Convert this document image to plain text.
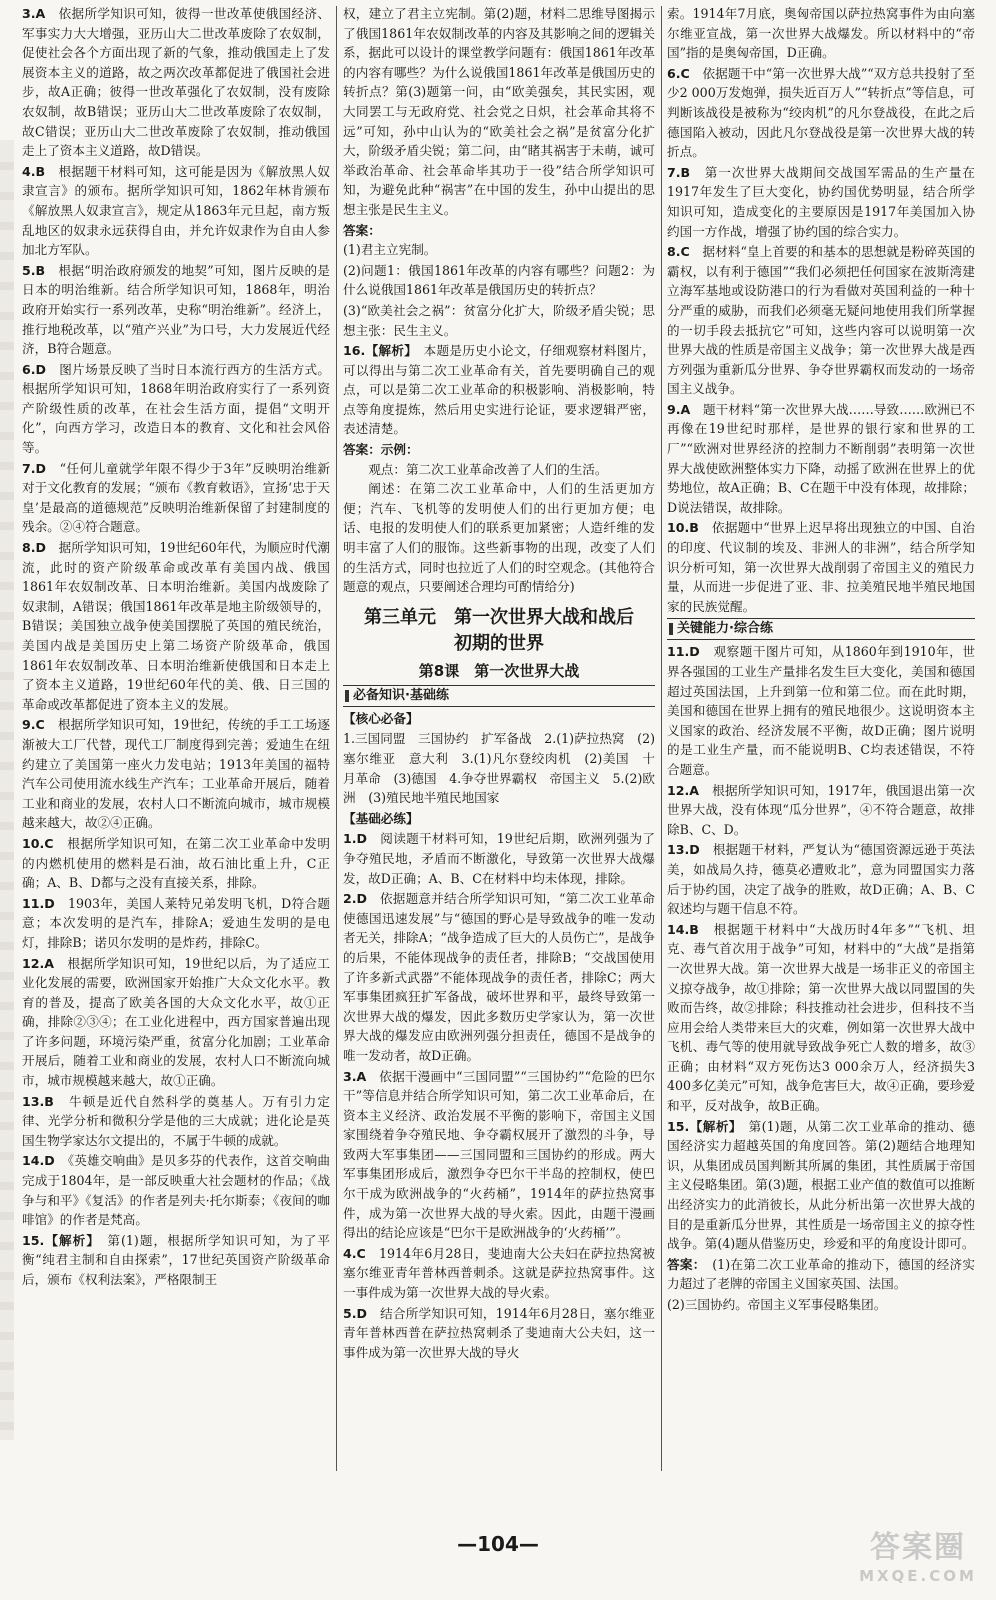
3.A　 依据所学知识可知，彼得一世改革使俄国经济、军事实力大大增强，亚历山大二世改革废除了农奴制，促使社会各个方面出现了新的气象，推动俄国走上了发展资本主义的道路，故之两次改革都促进了俄国社会进步，故A正确；彼得一世改革强化了农奴制，没有废除农奴制，故B错误；亚历山大二世改革废除了农奴制，故C错误；亚历山大二世改革废除了农奴制，推动俄国走上了资本主义道路，故D错误。
4.B　 根据题干材料可知，这可能是因为《解放黑人奴隶宣言》的颁布。据所学知识可知，1862年林肯颁布《解放黑人奴隶宣言》，规定从1863年元旦起，南方叛乱地区的奴隶永远获得自由，并允许奴隶作为自由人参加北方军队。
5.B　 根据“明治政府颁发的地契”可知，图片反映的是日本的明治维新。结合所学知识可知，1868年，明治政府开始实行一系列改革，史称“明治维新”。经济上，推行地税改革，以“殖产兴业”为口号，大力发展近代经济，B符合题意。
6.D　 图片场景反映了当时日本流行西方的生活方式。根据所学知识可知，1868年明治政府实行了一系列资产阶级性质的改革，在社会生活方面，提倡“文明开化”，向西方学习，改造日本的教育、文化和社会风俗等。
7.D　 “任何儿童就学年限不得少于3年”反映明治维新对于文化教育的发展；“颁布《教育敕语》，宣扬‘忠于天皇’是最高的道德规范”反映明治维新保留了封建制度的残余。②④符合题意。
8.D　 据所学知识可知，19世纪60年代，为顺应时代潮流，此时的资产阶级革命或改革有美国内战、俄国1861年农奴制改革、日本明治维新。美国内战废除了奴隶制，A错误；俄国1861年改革是地主阶级领导的，B错误；美国独立战争使美国摆脱了英国的殖民统治，美国内战是美国历史上第二场资产阶级革命，俄国1861年农奴制改革、日本明治维新使俄国和日本走上了资本主义道路，19世纪60年代的美、俄、日三国的革命或改革都促进了资本主义的发展。
9.C　 根据所学知识可知，19世纪，传统的手工工场逐渐被大工厂代替，现代工厂制度得到完善；爱迪生在纽约建立了美国第一座火力发电站；1913年美国的福特汽车公司使用流水线生产汽车；工业革命开展后，随着工业和商业的发展，农村人口不断流向城市，城市规模越来越大，故②④正确。
10.C　 根据所学知识可知，在第二次工业革命中发明的内燃机使用的燃料是石油，故石油比重上升，C正确；A、B、D都与之没有直接关系，排除。
11.D　 1903年，美国人莱特兄弟发明飞机，D符合题意；本次发明的是汽车，排除A；爱迪生发明的是电灯，排除B；诺贝尔发明的是炸药，排除C。
12.A　 根据所学知识可知，19世纪以后，为了适应工业化发展的需要，欧洲国家开始推广大众文化水平。教育的普及，提高了欧美各国的大众文化水平，故①正确，排除②③④；在工业化进程中，西方国家普遍出现了许多问题，环境污染严重，贫富分化加剧；工业革命开展后，随着工业和商业的发展，农村人口不断流向城市，城市规模越来越大，故①正确。
13.B　 牛顿是近代自然科学的奠基人。万有引力定律、光学分析和微积分学是他的三大成就；进化论是英国生物学家达尔文提出的，不属于牛顿的成就。
14.D　 《英雄交响曲》是贝多芬的代表作，这首交响曲完成于1804年，是一部反映重大社会题材的作品；《战争与和平》《复活》的作者是列夫·托尔斯泰；《夜间的咖啡馆》的作者是梵高。
15.【解析】　 第(1)题，根据所学知识可知，为了平衡“纯君主制和自由探索”，17世纪英国资产阶级革命后，颁布《权利法案》，严格限制王
权，建立了君主立宪制。第(2)题，材料二思维导图揭示了俄国1861年农奴制改革的内容及其影响之间的逻辑关系，据此可以设计的课堂教学问题有：俄国1861年改革的内容有哪些？为什么说俄国1861年改革是俄国历史的转折点？第(3)题第一问，由“欧美强矣，其民实困，观大同罢工与无政府党、社会党之日炽，社会革命其将不远”可知，孙中山认为的“欧美社会之祸”是贫富分化扩大，阶级矛盾尖锐；第二问，由“睹其祸害于未萌，诚可举政治革命、社会革命毕其功于一役”结合所学知识可知，为避免此种“祸害”在中国的发生，孙中山提出的思想主张是民生主义。
答案：
(1)君主立宪制。
(2)问题1：俄国1861年改革的内容有哪些？问题2：为什么说俄国1861年改革是俄国历史的转折点？
(3)“欧美社会之祸”：贫富分化扩大，阶级矛盾尖锐；思想主张：民生主义。
16.【解析】　 本题是历史小论文，仔细观察材料图片，可以得出与第二次工业革命有关，首先要明确自己的观点，可以是第二次工业革命的积极影响、消极影响，特点等角度提炼，然后用史实进行论证，要求逻辑严密，表述清楚。
答案：示例：

观点：第二次工业革命改善了人们的生活。

阐述：在第二次工业革命中，人们的生活更加方便；汽车、飞机等的发明使人们的出行更加方便；电话、电报的发明使人们的联系更加紧密；人造纤维的发明丰富了人们的服饰。这些新事物的出现，改变了人们的生活方式，同时也拉近了人们的时空观念。(其他符合题意的观点，只要阐述合理均可酌情给分)

第三单元　第一次世界大战和战后
初期的世界
第8课　第一次世界大战
必备知识·基础练
【核心必备】
1.三国同盟　三国协约　扩军备战　2.(1)萨拉热窝　(2)塞尔维亚　意大利　3.(1)凡尔登绞肉机　(2)美国　十月革命　(3)德国　4.争夺世界霸权　帝国主义　5.(2)欧洲　(3)殖民地半殖民地国家
【基础必练】
1.D　 阅读题干材料可知，19世纪后期，欧洲列强为了争夺殖民地，矛盾而不断激化，导致第一次世界大战爆发，故D正确；A、B、C在材料中均未体现，排除。
2.D　 依据题意并结合所学知识可知，“第二次工业革命使德国迅速发展”与“德国的野心是导致战争的唯一发动者无关，排除A；“战争造成了巨大的人员伤亡”，是战争的后果，不能体现战争的责任者，排除B；“交战国使用了许多新式武器”不能体现战争的责任者，排除C；两大军事集团疯狂扩军备战，破坏世界和平，最终导致第一次世界大战的爆发，因此多数历史学家认为，第一次世界大战的爆发应由欧洲列强分担责任，德国不是战争的唯一发动者，故D正确。
3.A　 依据干漫画中“三国同盟”“三国协约”“危险的巴尔干”等信息并结合所学知识可知，第二次工业革命后，在资本主义经济、政治发展不平衡的影响下，帝国主义国家围绕着争夺殖民地、争夺霸权展开了激烈的斗争，导致两大军事集团——三国同盟和三国协约的形成。两大军事集团形成后，激烈争夺巴尔干半岛的控制权，使巴尔干成为欧洲战争的“火药桶”，1914年的萨拉热窝事件，成为第一次世界大战的导火索。因此，由题干漫画得出的结论应该是“巴尔干是欧洲战争的‘火药桶’”。
4.C　 1914年6月28日，斐迪南大公夫妇在萨拉热窝被塞尔维亚青年普林西普刺杀。这就是萨拉热窝事件。这一事件成为第一次世界大战的导火索。
5.D　 结合所学知识可知，1914年6月28日，塞尔维亚青年普林西普在萨拉热窝刺杀了斐迪南大公夫妇，这一事件成为第一次世界大战的导火
索。1914年7月底，奥匈帝国以萨拉热窝事件为由向塞尔维亚宣战，第一次世界大战爆发。所以材料中的“帝国”指的是奥匈帝国，D正确。
6.C　 依据题干中“第一次世界大战”“双方总共投射了至少2 000万发炮弹，损失近百万人”“转折点”等信息，可判断该战役是被称为“绞肉机”的凡尔登战役，在此之后德国陷入被动，因此凡尔登战役是第一次世界大战的转折点。
7.B　 第一次世界大战期间交战国军需品的生产量在1917年发生了巨大变化，协约国优势明显，结合所学知识可知，造成变化的主要原因是1917年美国加入协约国一方作战，增强了协约国的综合实力。
8.C　 据材料“皇上首要的和基本的思想就是粉碎英国的霸权，以有利于德国”“我们必须把任何国家在波斯湾建立海军基地或设防港口的行为看做对英国利益的一种十分严重的威胁，而我们必须毫无疑问地使用我们所掌握的一切手段去抵抗它”可知，这些内容可以说明第一次世界大战的性质是帝国主义战争；第一次世界大战是西方列强为重新瓜分世界、争夺世界霸权而发动的一场帝国主义战争。
9.A　 题干材料“第一次世界大战……导致……欧洲已不再像在19世纪时那样，是世界的银行家和世界的工厂”“欧洲对世界经济的控制力不断削弱”表明第一次世界大战使欧洲整体实力下降，动摇了欧洲在世界上的优势地位，故A正确；B、C在题干中没有体现，故排除；D说法错误，故排除。
10.B　 依据题中“世界上迟早将出现独立的中国、自治的印度、代议制的埃及、非洲人的非洲”，结合所学知识分析可知，第一次世界大战削弱了帝国主义的殖民力量，从而进一步促进了亚、非、拉美殖民地半殖民地国家的民族觉醒。
关键能力·综合练
11.D　 观察题干图片可知，从1860年到1910年，世界各强国的工业生产量排名发生巨大变化，美国和德国超过英国法国，上升到第一位和第二位。而在此时期，美国和德国在世界上拥有的殖民地很少。这说明资本主义国家的政治、经济发展不平衡，故D正确；图片说明的是工业生产量，而不能说明B、C均表述错误，不符合题意。
12.A　 根据所学知识可知，1917年，俄国退出第一次世界大战，没有体现“瓜分世界”，④不符合题意，故排除B、C、D。
13.D　 根据题干材料，严复认为“德国资源远逊于英法美，如战局久持，德莫必遭败北”，意为同盟国实力落后于协约国，决定了战争的胜败，故D正确；A、B、C叙述均与题干信息不符。
14.B　 根据题干材料中“大战历时4年多”“飞机、坦克、毒气首次用于战争”可知，材料中的“大战”是指第一次世界大战。第一次世界大战是一场非正义的帝国主义掠夺战争，故①排除；第一次世界大战以同盟国的失败而告终，故②排除；科技推动社会进步，但科技不当应用会给人类带来巨大的灾难，例如第一次世界大战中飞机、毒气等的使用就导致战争死亡人数的增多，故③正确；由材料“双方死伤达3 000余万人，经济损失3 400多亿美元”可知，战争危害巨大，故④正确，要珍爱和平，反对战争，故B正确。
15.【解析】　 第(1)题，从第二次工业革命的推动、德国经济实力超越英国的角度回答。第(2)题结合地理知识，从集团成员国判断其所属的集团，其性质属于帝国主义侵略集团。第(3)题，根据工业产值的数值可以推断出经济实力的此消彼长，从此分析出第一次世界大战的目的是重新瓜分世界，其性质是一场帝国主义的掠夺性战争。第(4)题从借鉴历史，珍爱和平的角度设计即可。
答案：　 (1)在第二次工业革命的推动下，德国的经济实力超过了老牌的帝国主义国家英国、法国。
(2)三国协约。帝国主义军事侵略集团。
—104—	答案圈
MXQE.COM
